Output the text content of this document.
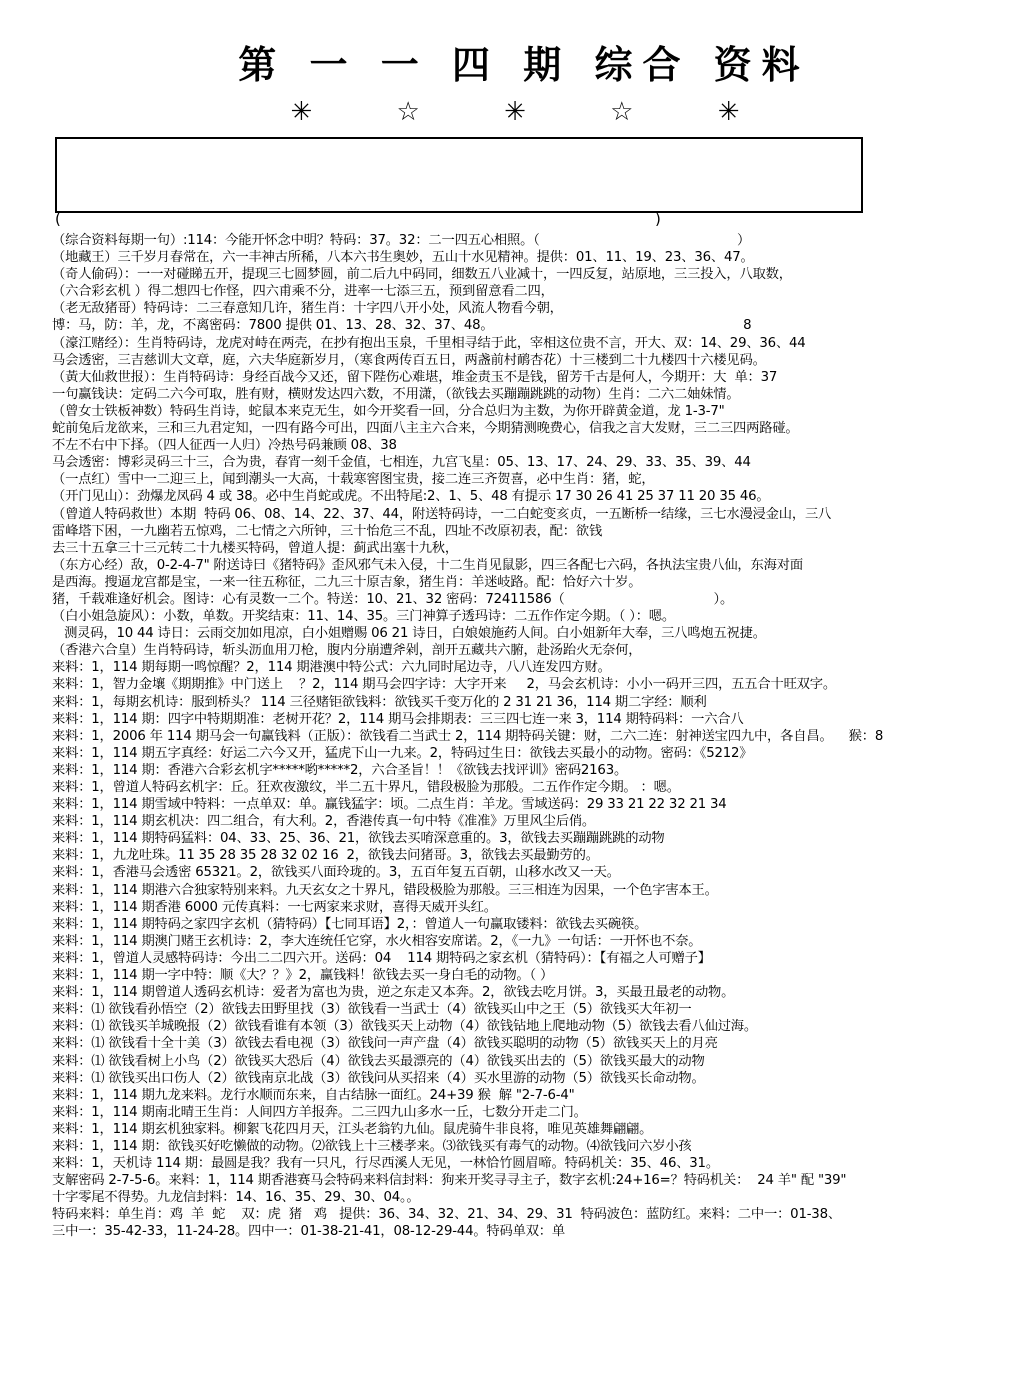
第 一 一 四 期 综合 资料
✳ ☆ ✳ ☆ ✳
(	)
（综合资料每期一句）:114：今能开怀念中明？特码：37。32：二一四五心相照。（                                                 ）
（地藏王）三千岁月春常在，六一丰神古所稀，八本六书生奥妙，五山十水见精神。提供：01、11、19、23、36、47。
（奇人偷码）：一一对碰睇五开，提现三七圆梦圆，前二后九中码同，细数五八业减十，一四反复，站原地，三三投入，八取数，
（六合彩玄机 ）得二想四七作怪，四六甫乘不分，进率一七添三五，预到留意看二四，
（老无敌猪哥）特码诗：二三春意知几许，猪生肖：十字四八开小处，风流人物看今朝，
博：马，防：羊，龙，不离密码：7800 提供 01、13、28、32、37、48。                                                              8
（濠江赌经）：生肖特码诗，龙虎对峙在两壳，在抄有抱出玉泉，千里相寻结于此，宰相这位贵不言，开大、双：14、29、36、44
马会透密，三吉慈训大文章，庭，六夫华庭新岁月，（寒食两传百五日，两盏前村鸸杏花）十三楼到二十九楼四十六楼见码。
（黃大仙救世报）：生肖特码诗：身经百战今又还，留下陛伤心难堪，堆金责玉不是钱，留芳千古是何人，今期开：大  单：37
一句赢钱诀：定码二六今可取，胜有财，横财发达四六数，不用潇，（欲钱去买蹦蹦跳跳的动物）生肖：二六二妯妹情。
（曾女士铁板神数）特码生肖诗，蛇鼠本来克无生，如今开奖看一回，分合总归为主数，为你开辟黄金道，龙 1-3-7"
蛇前兔后龙欲来，三和三九君定知，一四有路今可出，四面八主主六合来，今期猜测晚费心，信我之言大发财，三二三四两路碰。
不左不右中下择。（四人征西一人归）冷热号码兼顾 08、38
马会透密：博彩灵码三十三，合为贵，春宵一刻千金值，七相连，九宫飞星：05、13、17、24、29、33、35、39、44
（一点红）雪中一二迎三上，闻到潮头一大高，十载寒窖图宝贵，接二连三齐贺喜，必中生肖：猪，蛇，
（开门见山）：劲爆龙凤码 4 或 38。必中生肖蛇或虎。不出特尾:2、1、5、48 有提示 17 30 26 41 25 37 11 20 35 46。
（曾道人特码救世）本期  特码 06、08、14、22、37、44，附送特码诗，一二白蛇变亥贞，一五断桥一结缘，三七水漫浸金山，三八
雷峰塔下困，一九幽若五惊鸡，二七情之六所钟，三十怡危三不乱，四址不改原初表，配：欲钱
去三十五拿三十三元转二十九楼买特码，曾道人提：蓟武出塞十九秋，
（东方心经）敌，0-2-4-7" 附送诗曰《猪特码》歪风邪气未入侵，十二生肖见鼠影，四三各配七六码，各执法宝贵八仙，东海对面
是西海。搜逼龙宫都是宝，一来一往五称征，二九三十原吉象，猪生肖：羊迷岐路。配：恰好六十岁。
猪，千载难逢好机会。图诗：心有灵数一二个。特送：10、21、32 密码：72411586（                                     ）。
（白小姐急旋风）：小数，单数。开奖结束：11、14、35。三门神算子透玛诗：二五作作定今期。（ ）：嗯。
测灵码，10 44 诗日：云雨交加如甩凉，白小姐赠赐 06 21 诗日，白娘娘施药人间。白小姐新年大奉，三八鸣炮五祝捷。
（香港六合皇）生肖特码诗，斩头沥血用刀枪，腹内分崩遭斧剁，剖开五藏共六腑，赴汤跆火无奈何，
来料：1，114 期每期一鸣惊醒？2，114 期港澳中特公式：六九同时尾边寺，八八连发四方财。
来料：1，智力金壤《期期推》中门送上    ？2，114 期马会四字诗：大字开来     2，马会玄机诗：小小一码开三四，五五合十旺双字。
来料：1，每期玄机诗：服到桥头？ 114 三径赌钜欲钱料：欲钱买千变万化的 2 31 21 36，114 期二字经：顺利
来料：1，114 期：四字中特期期准：老树开花？2，114 期马会排期表：三三四七连一来 3，114 期特码料：一六合八
来料：1，2006 年 114 期马会一句赢钱料（正版）：欲钱看二当武士 2，114 期特码关键：财，二六二连：射神送宝四九中，各自昌。    猴：8
来料：1，114 期五字真经：好运二六今又开，猛虎下山一九来。2，特码过生日：欲钱去买最小的动物。密码：《5212》
来料：1，114 期：香港六合彩玄机字*****哟*****2，六合圣旨！！《欲钱去找评训》密码2163。
来料：1，曾道人特码玄机字：丘。狂欢夜激纹，半二五十界凡，错段极脸为那般。二五作作定今期。 ：嗯。
来料：1，114 期雪域中特料：一点单双：单。赢钱猛字：顷。二点生肖：羊龙。雪域送码：29 33 21 22 32 21 34
来料：1，114 期玄机决：四二组合，有大利。2，香港传真一句中特《准准》万里风尘后俏。
来料：1，114 期特码猛料：04、33、25、36、21，欲钱去买唷深意重的。3，欲钱去买蹦蹦跳跳的动物
来料：1，九龙吐珠。11 35 28 35 28 32 02 16  2，欲钱去问猪哥。3，欲钱去买最勤劳的。
来料：1，香港马会透密 65321。2，欲钱买八面玲珑的。3，五百年复五百朝，山移水改又一天。
来料：1，114 期港六合独家特别来料。九天玄女之十界凡，错段极脸为那般。三三相连为因果，一个色字害本王。
来料：1，114 期香港 6000 元传真料：一七两家来求财，喜得天威开头红。
来料：1，114 期特码之家四字玄机（猜特码）【七同耳语】2，：曾道人一句赢取镂料：欲钱去买碗筷。
来料：1，114 期澳门赌王玄机诗：2，李大连统任它穿，水火相容安席诺。2，《一九》一句话：一开怀也不奈。
来料：1，曾道人灵感特码诗：今出二二四六开。送码：04    114 期特码之家玄机（猜特码）：【有福之人可赠子】
来料：1，114 期一字中特：顺《大？？》2，赢钱料！欲钱去买一身白毛的动物。（ ）
来料：1，114 期曾道人透码玄机诗：爱者为富也为贵，逆之东走又本奔。2，欲钱去吃月饼。3，买最丑最老的动物。
来料：⑴ 欲钱看孙悟空（2）欲钱去田野里找（3）欲钱看一当武士（4）欲钱买山中之王（5）欲钱买大年初一
来料：⑴ 欲钱买羊城晚报（2）欲钱看谁有本领（3）欲钱买天上动物（4）欲钱钻地上爬地动物（5）欲钱去看八仙过海。
来料：⑴ 欲钱看十全十美（3）欲钱去看电视（3）欲钱问一声产盘（4）欲钱买聪明的动物（5）欲钱买天上的月亮
来料：⑴ 欲钱看树上小鸟（2）欲钱买大恐后（4）欲钱去买最漂亮的（4）欲钱买出去的（5）欲钱买最大的动物
来料：⑴ 欲钱买出口伤人（2）欲钱南京北战（3）欲钱问从买招来（4）买水里游的动物（5）欲钱买长命动物。
来料：1，114 期九龙来料。龙行水顺而东来，自古结脉一面红。24+39 猴  解 "2-7-6-4"
来料：1，114 期南北晴王生肖：人间四方羊报奔。二三四九山多水一丘，七数分开走二门。
来料：1，114 期玄机独家料。柳絮飞花四月天，江头老翁钓九仙。鼠虎骑牛非良将，唯见英雄舞翩翩。
来料：1，114 期：欲钱买好吃懒做的动物。⑵欲钱上十三楼孝来。⑶欲钱买有毒气的动物。⑷欲钱问六岁小孩
来料：1，天机诗 114 期：最圆是我？我有一只凡，行尽西溪人无见，一林恰竹圆眉啼。特码机关：35、46、31。
支解密码 2-7-5-6。来料：1，114 期香港赛马会特码来料信封料：狗来开奖寻寻主子，数字玄机:24+16=？特码机关：  24 羊" 配 "39"
十字零尾不得势。九龙信封料：14、16、35、29、30、04。。
特码来料：单生肖：鸡  羊  蛇    双：虎  猪   鸡   提供：36、34、32、21、34、29、31  特码波色：蓝防红。来料：二中一：01-38、
三中一：35-42-33，11-24-28。四中一：01-38-21-41，08-12-29-44。特码单双：单
